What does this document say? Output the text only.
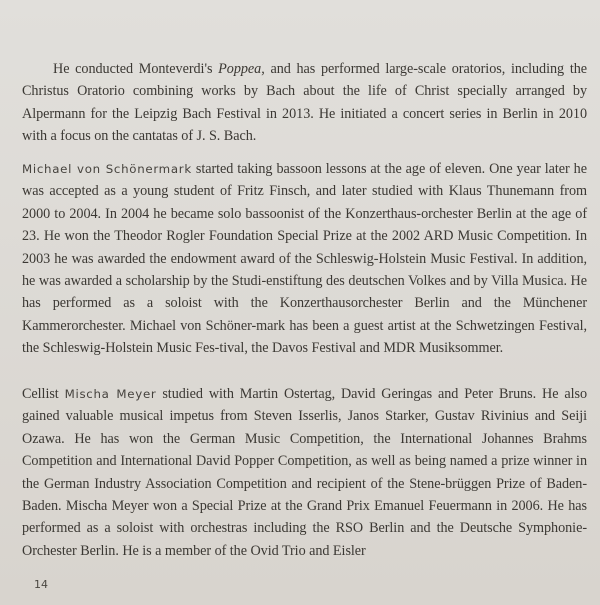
He conducted Monteverdi's Poppea, and has performed large-scale oratorios, including the Christus Oratorio combining works by Bach about the life of Christ specially arranged by Alpermann for the Leipzig Bach Festival in 2013. He initiated a concert series in Berlin in 2010 with a focus on the cantatas of J. S. Bach.

Michael von Schönermark started taking bassoon lessons at the age of eleven. One year later he was accepted as a young student of Fritz Finsch, and later studied with Klaus Thunemann from 2000 to 2004. In 2004 he became solo bassoonist of the Konzerthaus-orchester Berlin at the age of 23. He won the Theodor Rogler Foundation Special Prize at the 2002 ARD Music Competition. In 2003 he was awarded the endowment award of the Schleswig-Holstein Music Festival. In addition, he was awarded a scholarship by the Studi-enstiftung des deutschen Volkes and by Villa Musica. He has performed as a soloist with the Konzerthausorchester Berlin and the Münchener Kammerorchester. Michael von Schöner-mark has been a guest artist at the Schwetzingen Festival, the Schleswig-Holstein Music Fes-tival, the Davos Festival and MDR Musiksommer.

Cellist Mischa Meyer studied with Martin Ostertag, David Geringas and Peter Bruns. He also gained valuable musical impetus from Steven Isserlis, Janos Starker, Gustav Rivinius and Seiji Ozawa. He has won the German Music Competition, the International Johannes Brahms Competition and International David Popper Competition, as well as being named a prize winner in the German Industry Association Competition and recipient of the Stene-brüggen Prize of Baden-Baden. Mischa Meyer won a Special Prize at the Grand Prix Emanuel Feuermann in 2006. He has performed as a soloist with orchestras including the RSO Berlin and the Deutsche Symphonie-Orchester Berlin. He is a member of the Ovid Trio and Eisler

14
